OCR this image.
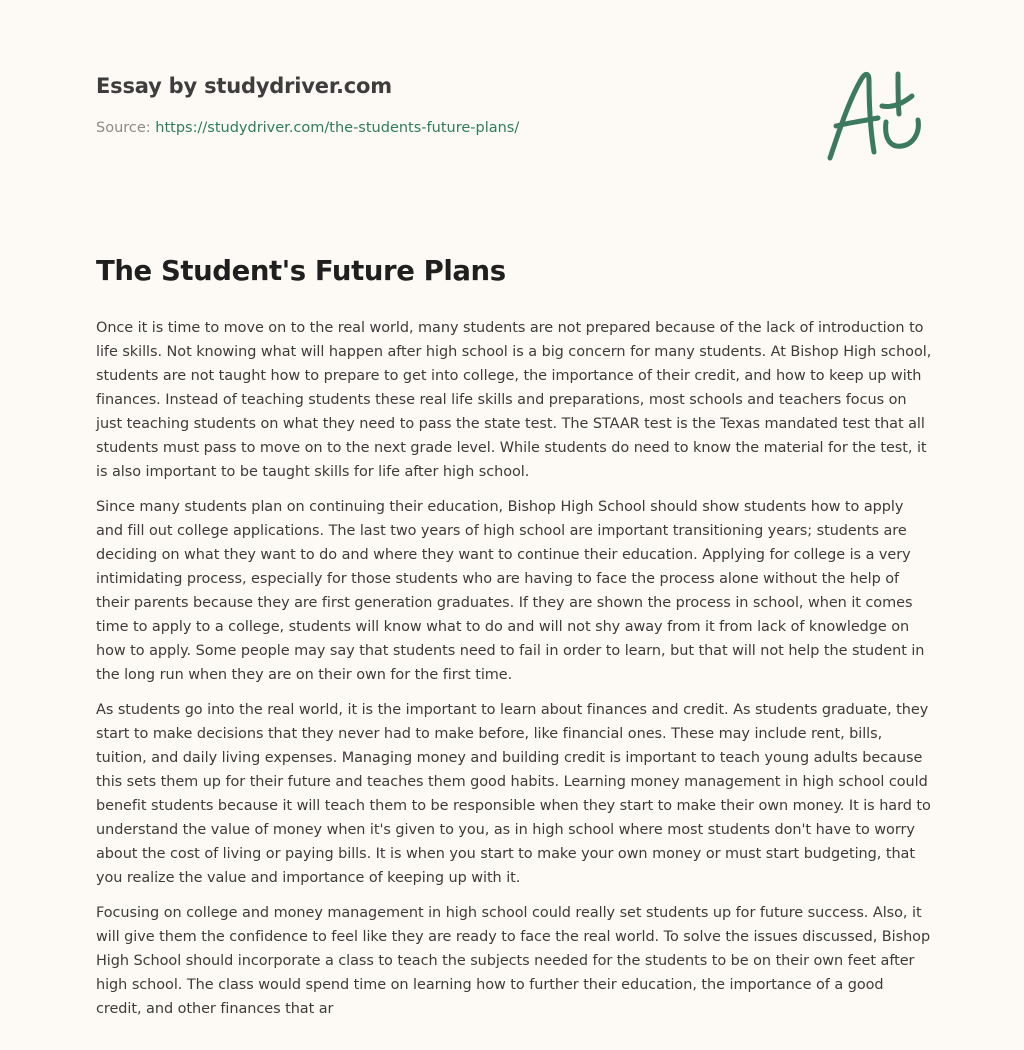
Essay by studydriver.com
Source: https://studydriver.com/the-students-future-plans/
The Student's Future Plans

Once it is time to move on to the real world, many students are not prepared because of the lack of introduction to life skills. Not knowing what will happen after high school is a big concern for many students. At Bishop High school, students are not taught how to prepare to get into college, the importance of their credit, and how to keep up with finances. Instead of teaching students these real life skills and preparations, most schools and teachers focus on just teaching students on what they need to pass the state test. The STAAR test is the Texas mandated test that all students must pass to move on to the next grade level. While students do need to know the material for the test, it is also important to be taught skills for life after high school.

Since many students plan on continuing their education, Bishop High School should show students how to apply and fill out college applications. The last two years of high school are important transitioning years; students are deciding on what they want to do and where they want to continue their education. Applying for college is a very intimidating process, especially for those students who are having to face the process alone without the help of their parents because they are first generation graduates. If they are shown the process in school, when it comes time to apply to a college, students will know what to do and will not shy away from it from lack of knowledge on how to apply. Some people may say that students need to fail in order to learn, but that will not help the student in the long run when they are on their own for the first time.

As students go into the real world, it is the important to learn about finances and credit. As students graduate, they start to make decisions that they never had to make before, like financial ones. These may include rent, bills, tuition, and daily living expenses. Managing money and building credit is important to teach young adults because this sets them up for their future and teaches them good habits. Learning money management in high school could benefit students because it will teach them to be responsible when they start to make their own money. It is hard to understand the value of money when it's given to you, as in high school where most students don't have to worry about the cost of living or paying bills. It is when you start to make your own money or must start budgeting, that you realize the value and importance of keeping up with it.

Focusing on college and money management in high school could really set students up for future success. Also, it will give them the confidence to feel like they are ready to face the real world. To solve the issues discussed, Bishop High School should incorporate a class to teach the subjects needed for the students to be on their own feet after high school. The class would spend time on learning how to further their education, the importance of a good credit, and other finances that ar
